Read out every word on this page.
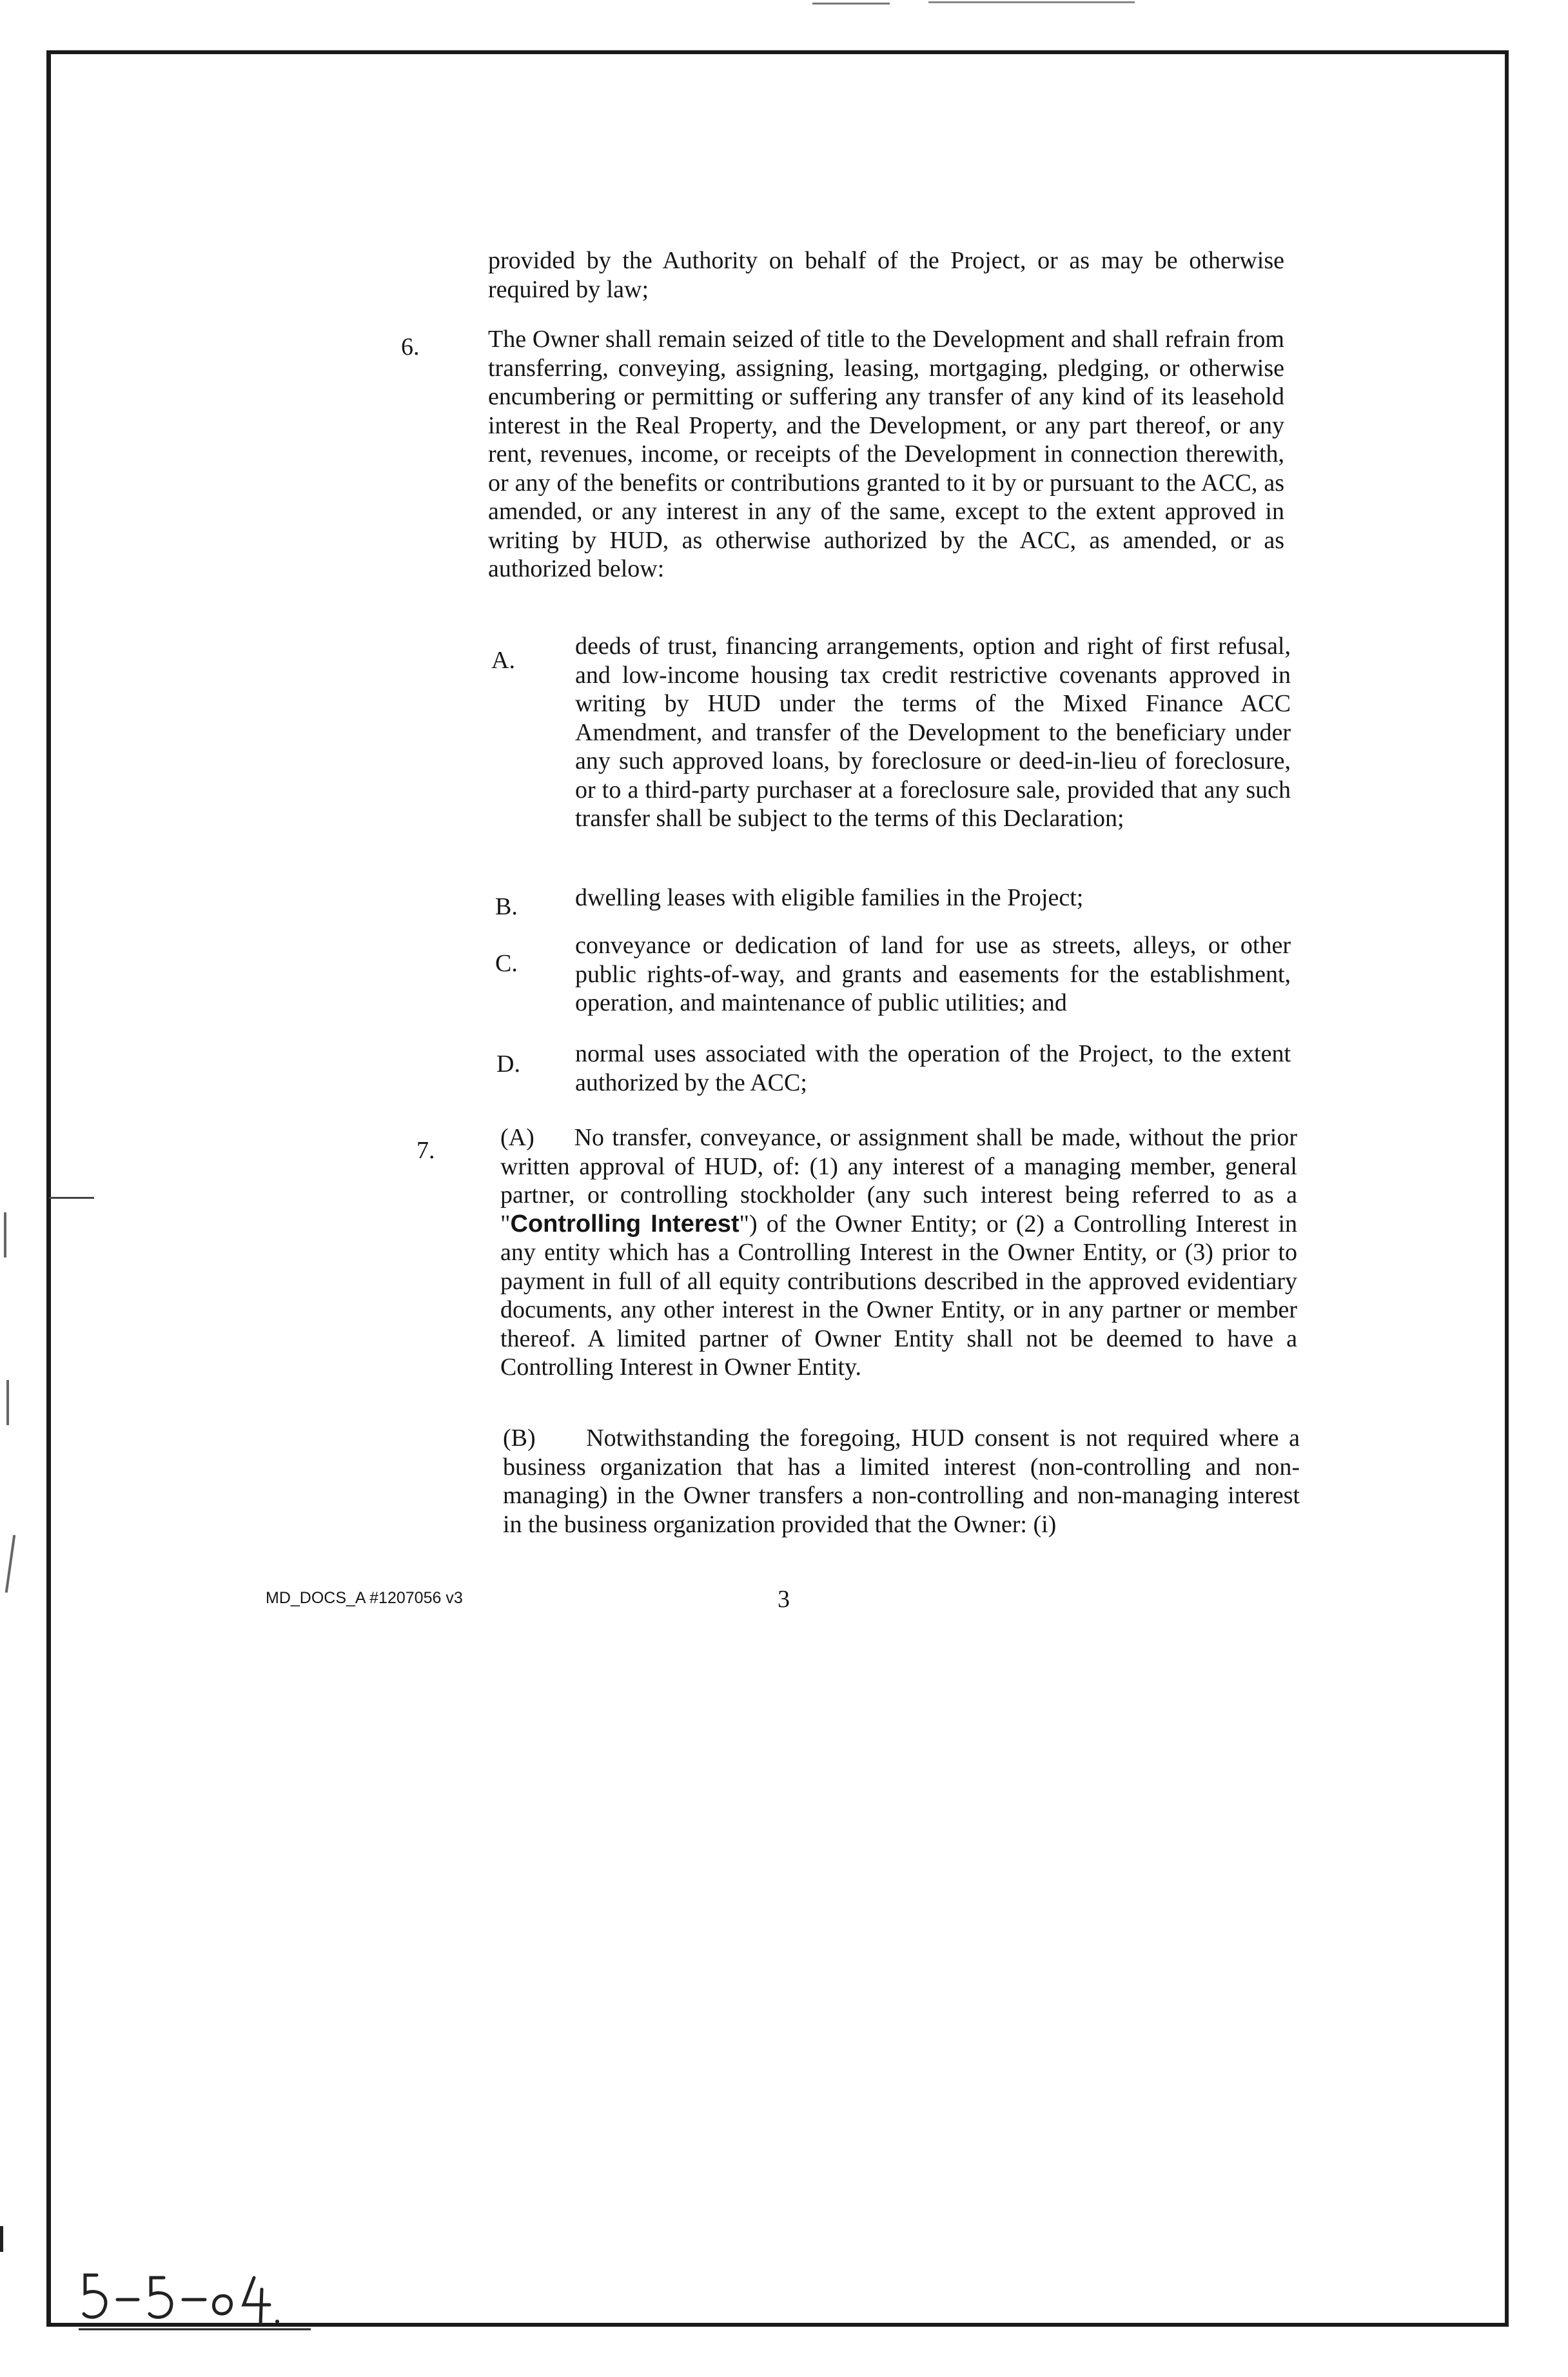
provided by the Authority on behalf of the Project, or as may be otherwise required by law;
6.	The Owner shall remain seized of title to the Development and shall refrain from transferring, conveying, assigning, leasing, mortgaging, pledging, or otherwise encumbering or permitting or suffering any transfer of any kind of its leasehold interest in the Real Property, and the Development, or any part thereof, or any rent, revenues, income, or receipts of the Development in connection therewith, or any of the benefits or contributions granted to it by or pursuant to the ACC, as amended, or any interest in any of the same, except to the extent approved in writing by HUD, as otherwise authorized by the ACC, as amended, or as authorized below:
A.
deeds of trust, financing arrangements, option and right of first refusal, and low-income housing tax credit restrictive covenants approved in writing by HUD under the terms of the Mixed Finance ACC Amendment, and transfer of the Development to the beneficiary under any such approved loans, by foreclosure or deed-in-lieu of foreclosure, or to a third-party purchaser at a foreclosure sale, provided that any such transfer shall be subject to the terms of this Declaration;
B. dwelling leases with eligible families in the Project;
C.
conveyance or dedication of land for use as streets, alleys, or other public rights-of-way, and grants and easements for the establishment, operation, and maintenance of public utilities; and
D. normal uses associated with the operation of the Project, to the extent authorized by the ACC;
7.	(A) No transfer, conveyance, or assignment shall be made, without the prior written approval of HUD, of: (1) any interest of a managing member, general partner, or controlling stockholder (any such interest being referred to as a "Controlling Interest") of the Owner Entity; or (2) a Controlling Interest in any entity which has a Controlling Interest in the Owner Entity, or (3) prior to payment in full of all equity contributions described in the approved evidentiary documents, any other interest in the Owner Entity, or in any partner or member thereof. A limited partner of Owner Entity shall not be deemed to have a Controlling Interest in Owner Entity.
(B) Notwithstanding the foregoing, HUD consent is not required where a business organization that has a limited interest (non-controlling and non-managing) in the Owner transfers a non-controlling and non-managing interest in the business organization provided that the Owner: (i)
MD_DOCS_A #1207056 v3	3
